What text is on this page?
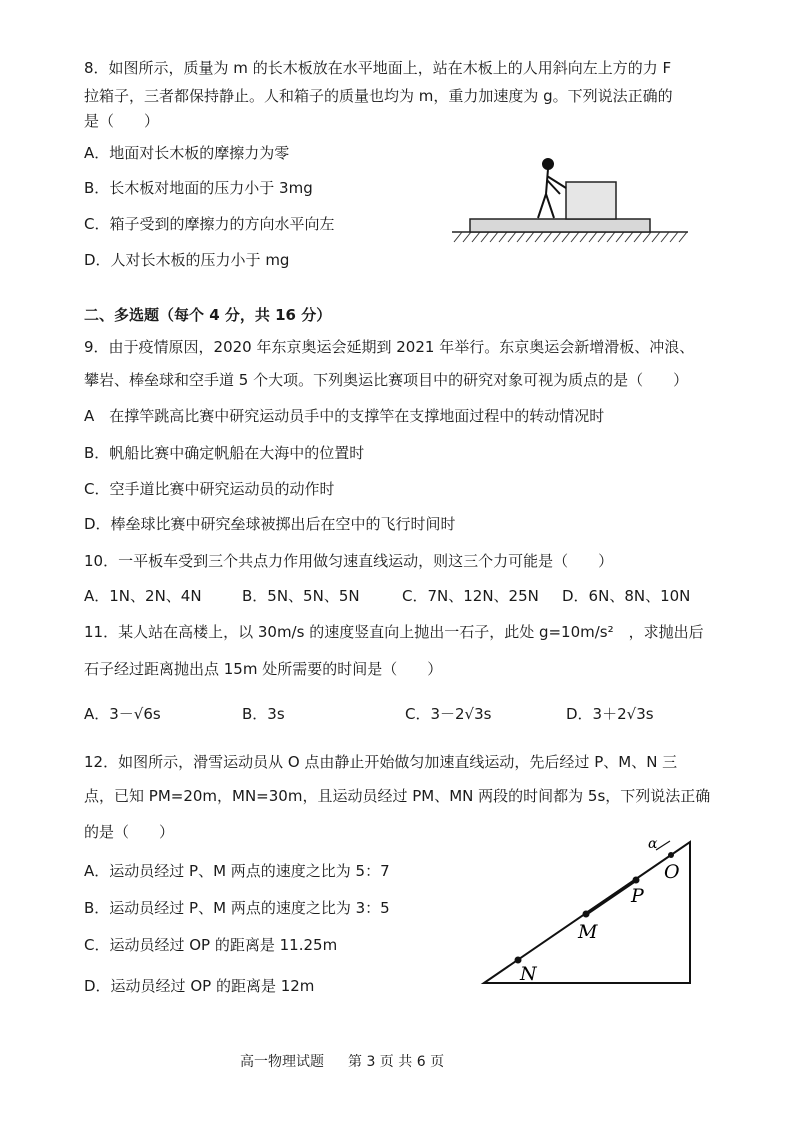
8．如图所示，质量为 m 的长木板放在水平地面上，站在木板上的人用斜向左上方的力 F
拉箱子，三者都保持静止。人和箱子的质量也均为 m，重力加速度为 g。下列说法正确的
是（　　）
A．地面对长木板的摩擦力为零
B．长木板对地面的压力小于 3mg
C．箱子受到的摩擦力的方向水平向左
D．人对长木板的压力小于 mg
二、多选题（每个 4 分，共 16 分）
9．由于疫情原因，2020 年东京奥运会延期到 2021 年举行。东京奥运会新增滑板、冲浪、
攀岩、棒垒球和空手道 5 个大项。下列奥运比赛项目中的研究对象可视为质点的是（　　）
A　在撑竿跳高比赛中研究运动员手中的支撑竿在支撑地面过程中的转动情况时
B．帆船比赛中确定帆船在大海中的位置时
C．空手道比赛中研究运动员的动作时
D．棒垒球比赛中研究垒球被掷出后在空中的飞行时间时
10．一平板车受到三个共点力作用做匀速直线运动，则这三个力可能是（　　）
A．1N、2N、4N	B．5N、5N、5N	C．7N、12N、25N D．6N、8N、10N
11．某人站在高楼上，以 30m/s 的速度竖直向上抛出一石子，此处 g=10m/s²　，求抛出后
石子经过距离抛出点 15m 处所需要的时间是（　　）
A．3－√6s	B．3s	C．3－2√3s	D．3＋2√3s
12．如图所示，滑雪运动员从 O 点由静止开始做匀加速直线运动，先后经过 P、M、N 三
点，已知 PM=20m，MN=30m，且运动员经过 PM、MN 两段的时间都为 5s，下列说法正确
的是（　　）
A．运动员经过 P、M 两点的速度之比为 5：7
B．运动员经过 P、M 两点的速度之比为 3：5
C．运动员经过 OP 的距离是 11.25m
D．运动员经过 OP 的距离是 12m
α
O
P
M
N
高一物理试题 第 3 页 共 6 页
